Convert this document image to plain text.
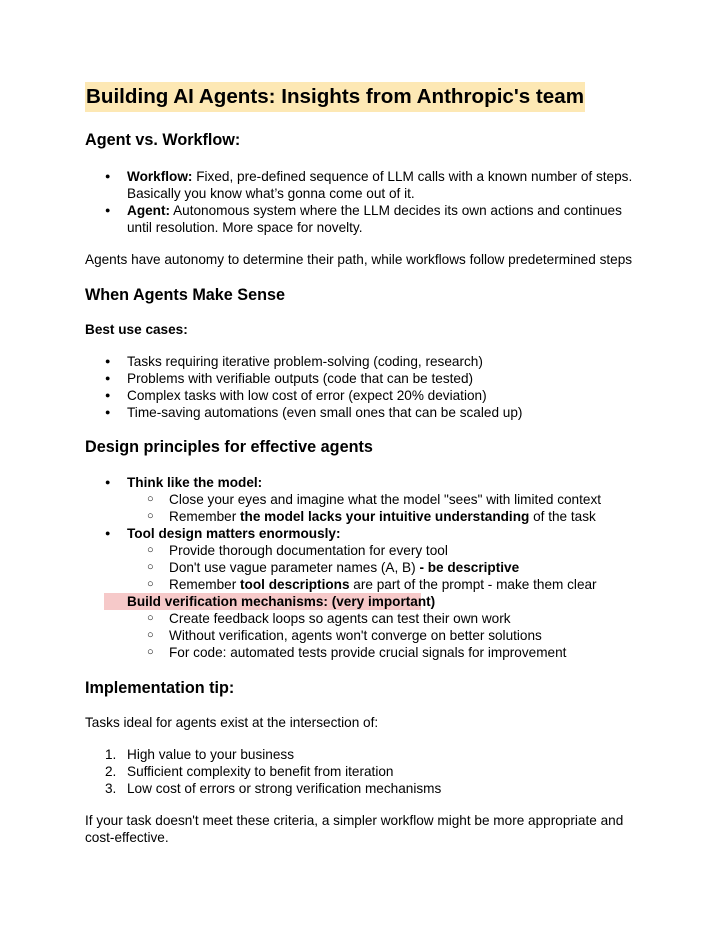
Building AI Agents: Insights from Anthropic's team
Agent vs. Workflow:
● Workflow: Fixed, pre-defined sequence of LLM calls with a known number of steps. Basically you know what’s gonna come out of it.
● Agent: Autonomous system where the LLM decides its own actions and continues until resolution. More space for novelty.

Agents have autonomy to determine their path, while workflows follow predetermined steps

When Agents Make Sense

Best use cases:

● Tasks requiring iterative problem-solving (coding, research)
● Problems with verifiable outputs (code that can be tested)
● Complex tasks with low cost of error (expect 20% deviation)
● Time-saving automations (even small ones that can be scaled up)
Design principles for effective agents
● Think like the model:
○ Close your eyes and imagine what the model "sees" with limited context
○ Remember the model lacks your intuitive understanding of the task
● Tool design matters enormously:
○ Provide thorough documentation for every tool
○ Don't use vague parameter names (A, B) - be descriptive
○ Remember tool descriptions are part of the prompt - make them clear
● Build verification mechanisms: (very important)
○ Create feedback loops so agents can test their own work
○ Without verification, agents won't converge on better solutions
○ For code: automated tests provide crucial signals for improvement
Implementation tip:

Tasks ideal for agents exist at the intersection of:

1. High value to your business
2. Sufficient complexity to benefit from iteration
3. Low cost of errors or strong verification mechanisms

If your task doesn't meet these criteria, a simpler workflow might be more appropriate and cost-effective.
